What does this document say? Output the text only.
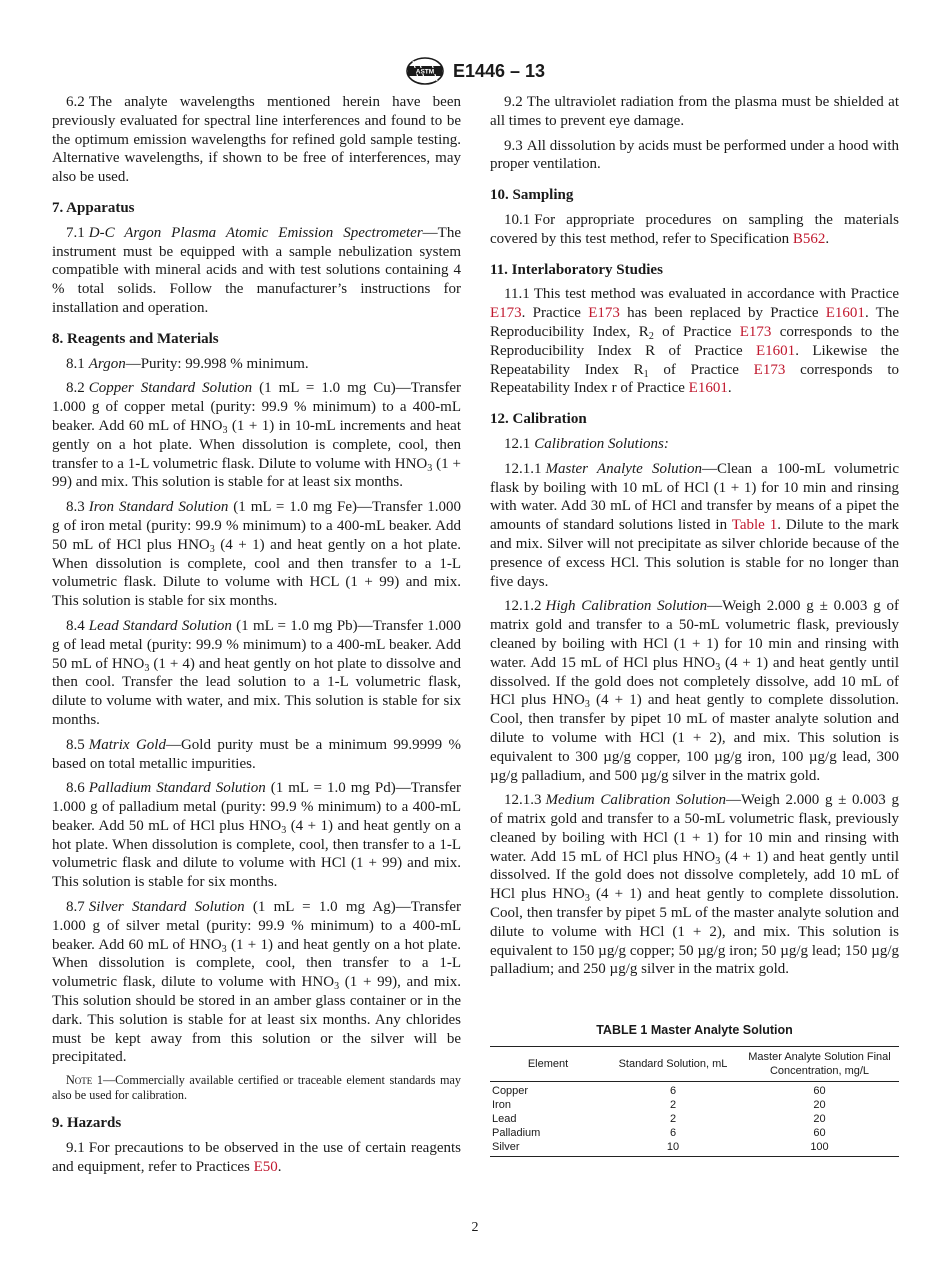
ASTM E1446 – 13

6.2 The analyte wavelengths mentioned herein have been previously evaluated for spectral line interferences and found to be the optimum emission wavelengths for refined gold sample testing. Alternative wavelengths, if shown to be free of interferences, may also be used.

7. Apparatus

7.1 D-C Argon Plasma Atomic Emission Spectrometer—The instrument must be equipped with a sample nebulization system compatible with mineral acids and with test solutions containing 4 % total solids. Follow the manufacturer’s instructions for installation and operation.

8. Reagents and Materials

8.1 Argon—Purity: 99.998 % minimum.

8.2 Copper Standard Solution (1 mL = 1.0 mg Cu)—Transfer 1.000 g of copper metal (purity: 99.9 % minimum) to a 400-mL beaker. Add 60 mL of $HNO_3$ (1 + 1) in 10-mL increments and heat gently on a hot plate. When dissolution is complete, cool, then transfer to a 1-L volumetric flask. Dilute to volume with $HNO_3$ (1 + 99) and mix. This solution is stable for at least six months.

8.3 Iron Standard Solution (1 mL = 1.0 mg Fe)—Transfer 1.000 g of iron metal (purity: 99.9 % minimum) to a 400-mL beaker. Add 50 mL of HCl plus $HNO_3$ (4 + 1) and heat gently on a hot plate. When dissolution is complete, cool and then transfer to a 1-L volumetric flask. Dilute to volume with HCL (1 + 99) and mix. This solution is stable for six months.

8.4 Lead Standard Solution (1 mL = 1.0 mg Pb)—Transfer 1.000 g of lead metal (purity: 99.9 % minimum) to a 400-mL beaker. Add 50 mL of $HNO_3$ (1 + 4) and heat gently on hot plate to dissolve and then cool. Transfer the lead solution to a 1-L volumetric flask, dilute to volume with water, and mix. This solution is stable for six months.

8.5 Matrix Gold—Gold purity must be a minimum 99.9999 % based on total metallic impurities.

8.6 Palladium Standard Solution (1 mL = 1.0 mg Pd)—Transfer 1.000 g of palladium metal (purity: 99.9 % minimum) to a 400-mL beaker. Add 50 mL of HCl plus $HNO_3$ (4 + 1) and heat gently on a hot plate. When dissolution is complete, cool, then transfer to a 1-L volumetric flask and dilute to volume with HCl (1 + 99) and mix. This solution is stable for six months.

8.7 Silver Standard Solution (1 mL = 1.0 mg Ag)—Transfer 1.000 g of silver metal (purity: 99.9 % minimum) to a 400-mL beaker. Add 60 mL of $HNO_3$ (1 + 1) and heat gently on a hot plate. When dissolution is complete, cool, then transfer to a 1-L volumetric flask, dilute to volume with $HNO_3$ (1 + 99), and mix. This solution should be stored in an amber glass container or in the dark. This solution is stable for at least six months. Any chlorides must be kept away from this solution or the silver will be precipitated.

Note 1—Commercially available certified or traceable element standards may also be used for calibration.

9. Hazards

9.1 For precautions to be observed in the use of certain reagents and equipment, refer to Practices E50.

9.2 The ultraviolet radiation from the plasma must be shielded at all times to prevent eye damage.

9.3 All dissolution by acids must be performed under a hood with proper ventilation.

10. Sampling

10.1 For appropriate procedures on sampling the materials covered by this test method, refer to Specification B562.

11. Interlaboratory Studies

11.1 This test method was evaluated in accordance with Practice E173. Practice E173 has been replaced by Practice E1601. The Reproducibility Index, $R_2$ of Practice E173 corresponds to the Reproducibility Index R of Practice E1601. Likewise the Repeatability Index $R_1$ of Practice E173 corresponds to Repeatability Index r of Practice E1601.

12. Calibration

12.1 Calibration Solutions:

12.1.1 Master Analyte Solution—Clean a 100-mL volumetric flask by boiling with 10 mL of HCl (1 + 1) for 10 min and rinsing with water. Add 30 mL of HCl and transfer by means of a pipet the amounts of standard solutions listed in Table 1. Dilute to the mark and mix. Silver will not precipitate as silver chloride because of the presence of excess HCl. This solution is stable for no longer than five days.

12.1.2 High Calibration Solution—Weigh 2.000 g ± 0.003 g of matrix gold and transfer to a 50-mL volumetric flask, previously cleaned by boiling with HCl (1 + 1) for 10 min and rinsing with water. Add 15 mL of HCl plus $HNO_3$ (4 + 1) and heat gently until dissolved. If the gold does not completely dissolve, add 10 mL of HCl plus $HNO_3$ (4 + 1) and heat gently to complete dissolution. Cool, then transfer by pipet 10 mL of master analyte solution and dilute to volume with HCl (1 + 2), and mix. This solution is equivalent to 300 µg/g copper, 100 µg/g iron, 100 µg/g lead, 300 µg/g palladium, and 500 µg/g silver in the matrix gold.

12.1.3 Medium Calibration Solution—Weigh 2.000 g ± 0.003 g of matrix gold and transfer to a 50-mL volumetric flask, previously cleaned by boiling with HCl (1 + 1) for 10 min and rinsing with water. Add 15 mL of HCl plus $HNO_3$ (4 + 1) and heat gently until dissolved. If the gold does not dissolve completely, add 10 mL of HCl plus $HNO_3$ (4 + 1) and heat gently to complete dissolution. Cool, then transfer by pipet 5 mL of the master analyte solution and dilute to volume with HCl (1 + 2), and mix. This solution is equivalent to 150 µg/g copper; 50 µg/g iron; 50 µg/g lead; 150 µg/g palladium; and 250 µg/g silver in the matrix gold.

TABLE 1 Master Analyte Solution
Element	Standard Solution, mL	Master Analyte Solution Final Concentration, mg/L
Copper	6	60
Iron	2	20
Lead	2	20
Palladium	6	60
Silver	10	100
2
